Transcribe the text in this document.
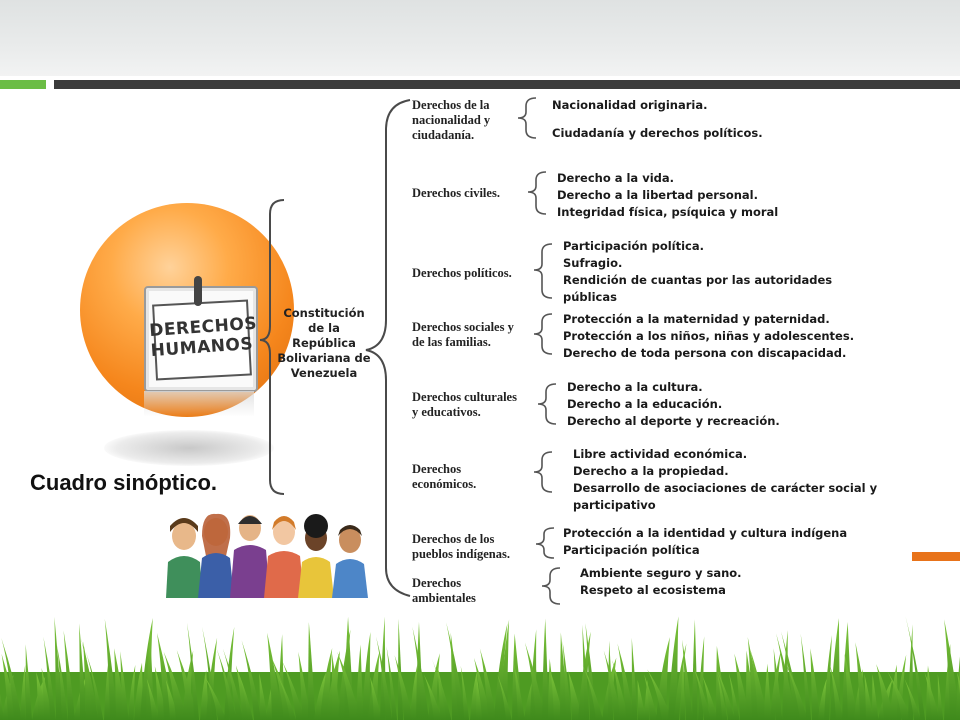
DERECHOS
HUMANOS
Cuadro sinóptico.
Constitución de la República Bolivariana de Venezuela
Derechos de la
nacionalidad y
ciudadanía.
Nacionalidad originaria.
Ciudadanía y derechos políticos.
Derechos civiles.
Derecho a la vida.
Derecho a la libertad personal.
Integridad física, psíquica y moral
Derechos políticos.
Participación política.
Sufragio.
Rendición de cuantas por las autoridades
públicas
Derechos sociales y
de las familias.
Protección a la maternidad y paternidad.
Protección a los niños, niñas y adolescentes.
Derecho de toda persona con discapacidad.
Derechos culturales
y educativos.
Derecho a la cultura.
Derecho a la educación.
Derecho al deporte y recreación.
Derechos
económicos.
Libre actividad económica.
Derecho a la propiedad.
Desarrollo de asociaciones de carácter social y
participativo
Derechos de los
pueblos indígenas.
Protección a la identidad y cultura indígena
Participación política
Derechos
ambientales
Ambiente seguro y sano.
Respeto al ecosistema
